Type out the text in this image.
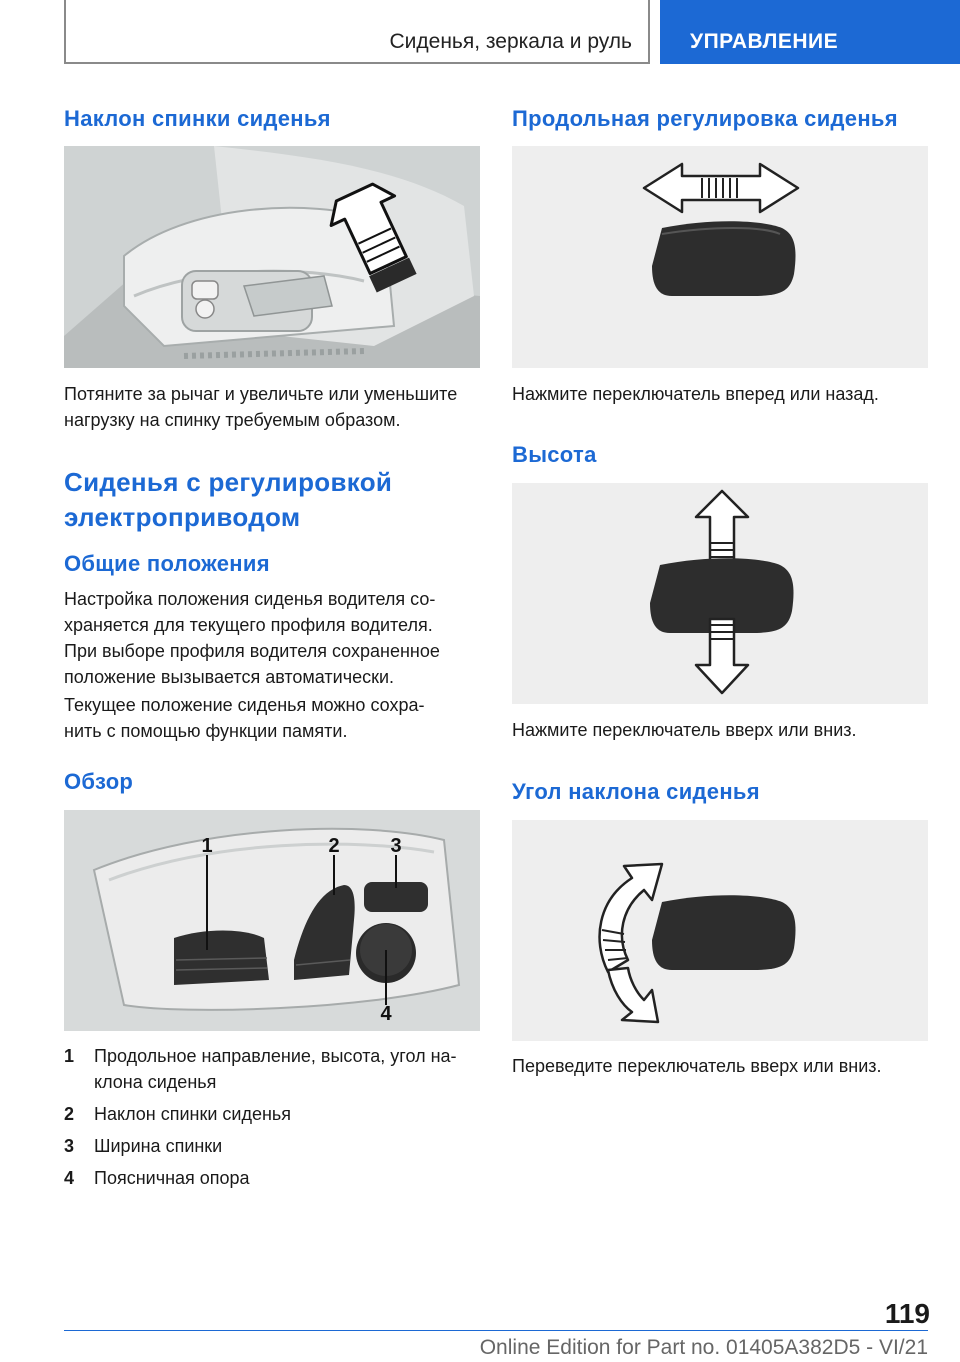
Сиденья, зеркала и руль	УПРАВЛЕНИЕ
Наклон спинки сиденья
Потяните за рычаг и увеличьте или уменьшите
нагрузку на спинку требуемым образом.
Сиденья с регулировкой
электроприводом
Общие положения
Настройка положения сиденья водителя со-
храняется для текущего профиля водителя.
При выборе профиля водителя сохраненное
положение вызывается автоматически.
Текущее положение сиденья можно сохра-
нить с помощью функции памяти.
Обзор
1	2	3
4
1 Продольное направление, высота, угол на-
клона сиденья
2 Наклон спинки сиденья
3 Ширина спинки
4 Поясничная опора
Продольная регулировка сиденья
Нажмите переключатель вперед или назад.
Высота
Нажмите переключатель вверх или вниз.
Угол наклона сиденья
Переведите переключатель вверх или вниз.
119
Online Edition for Part no. 01405A382D5 - VI/21
